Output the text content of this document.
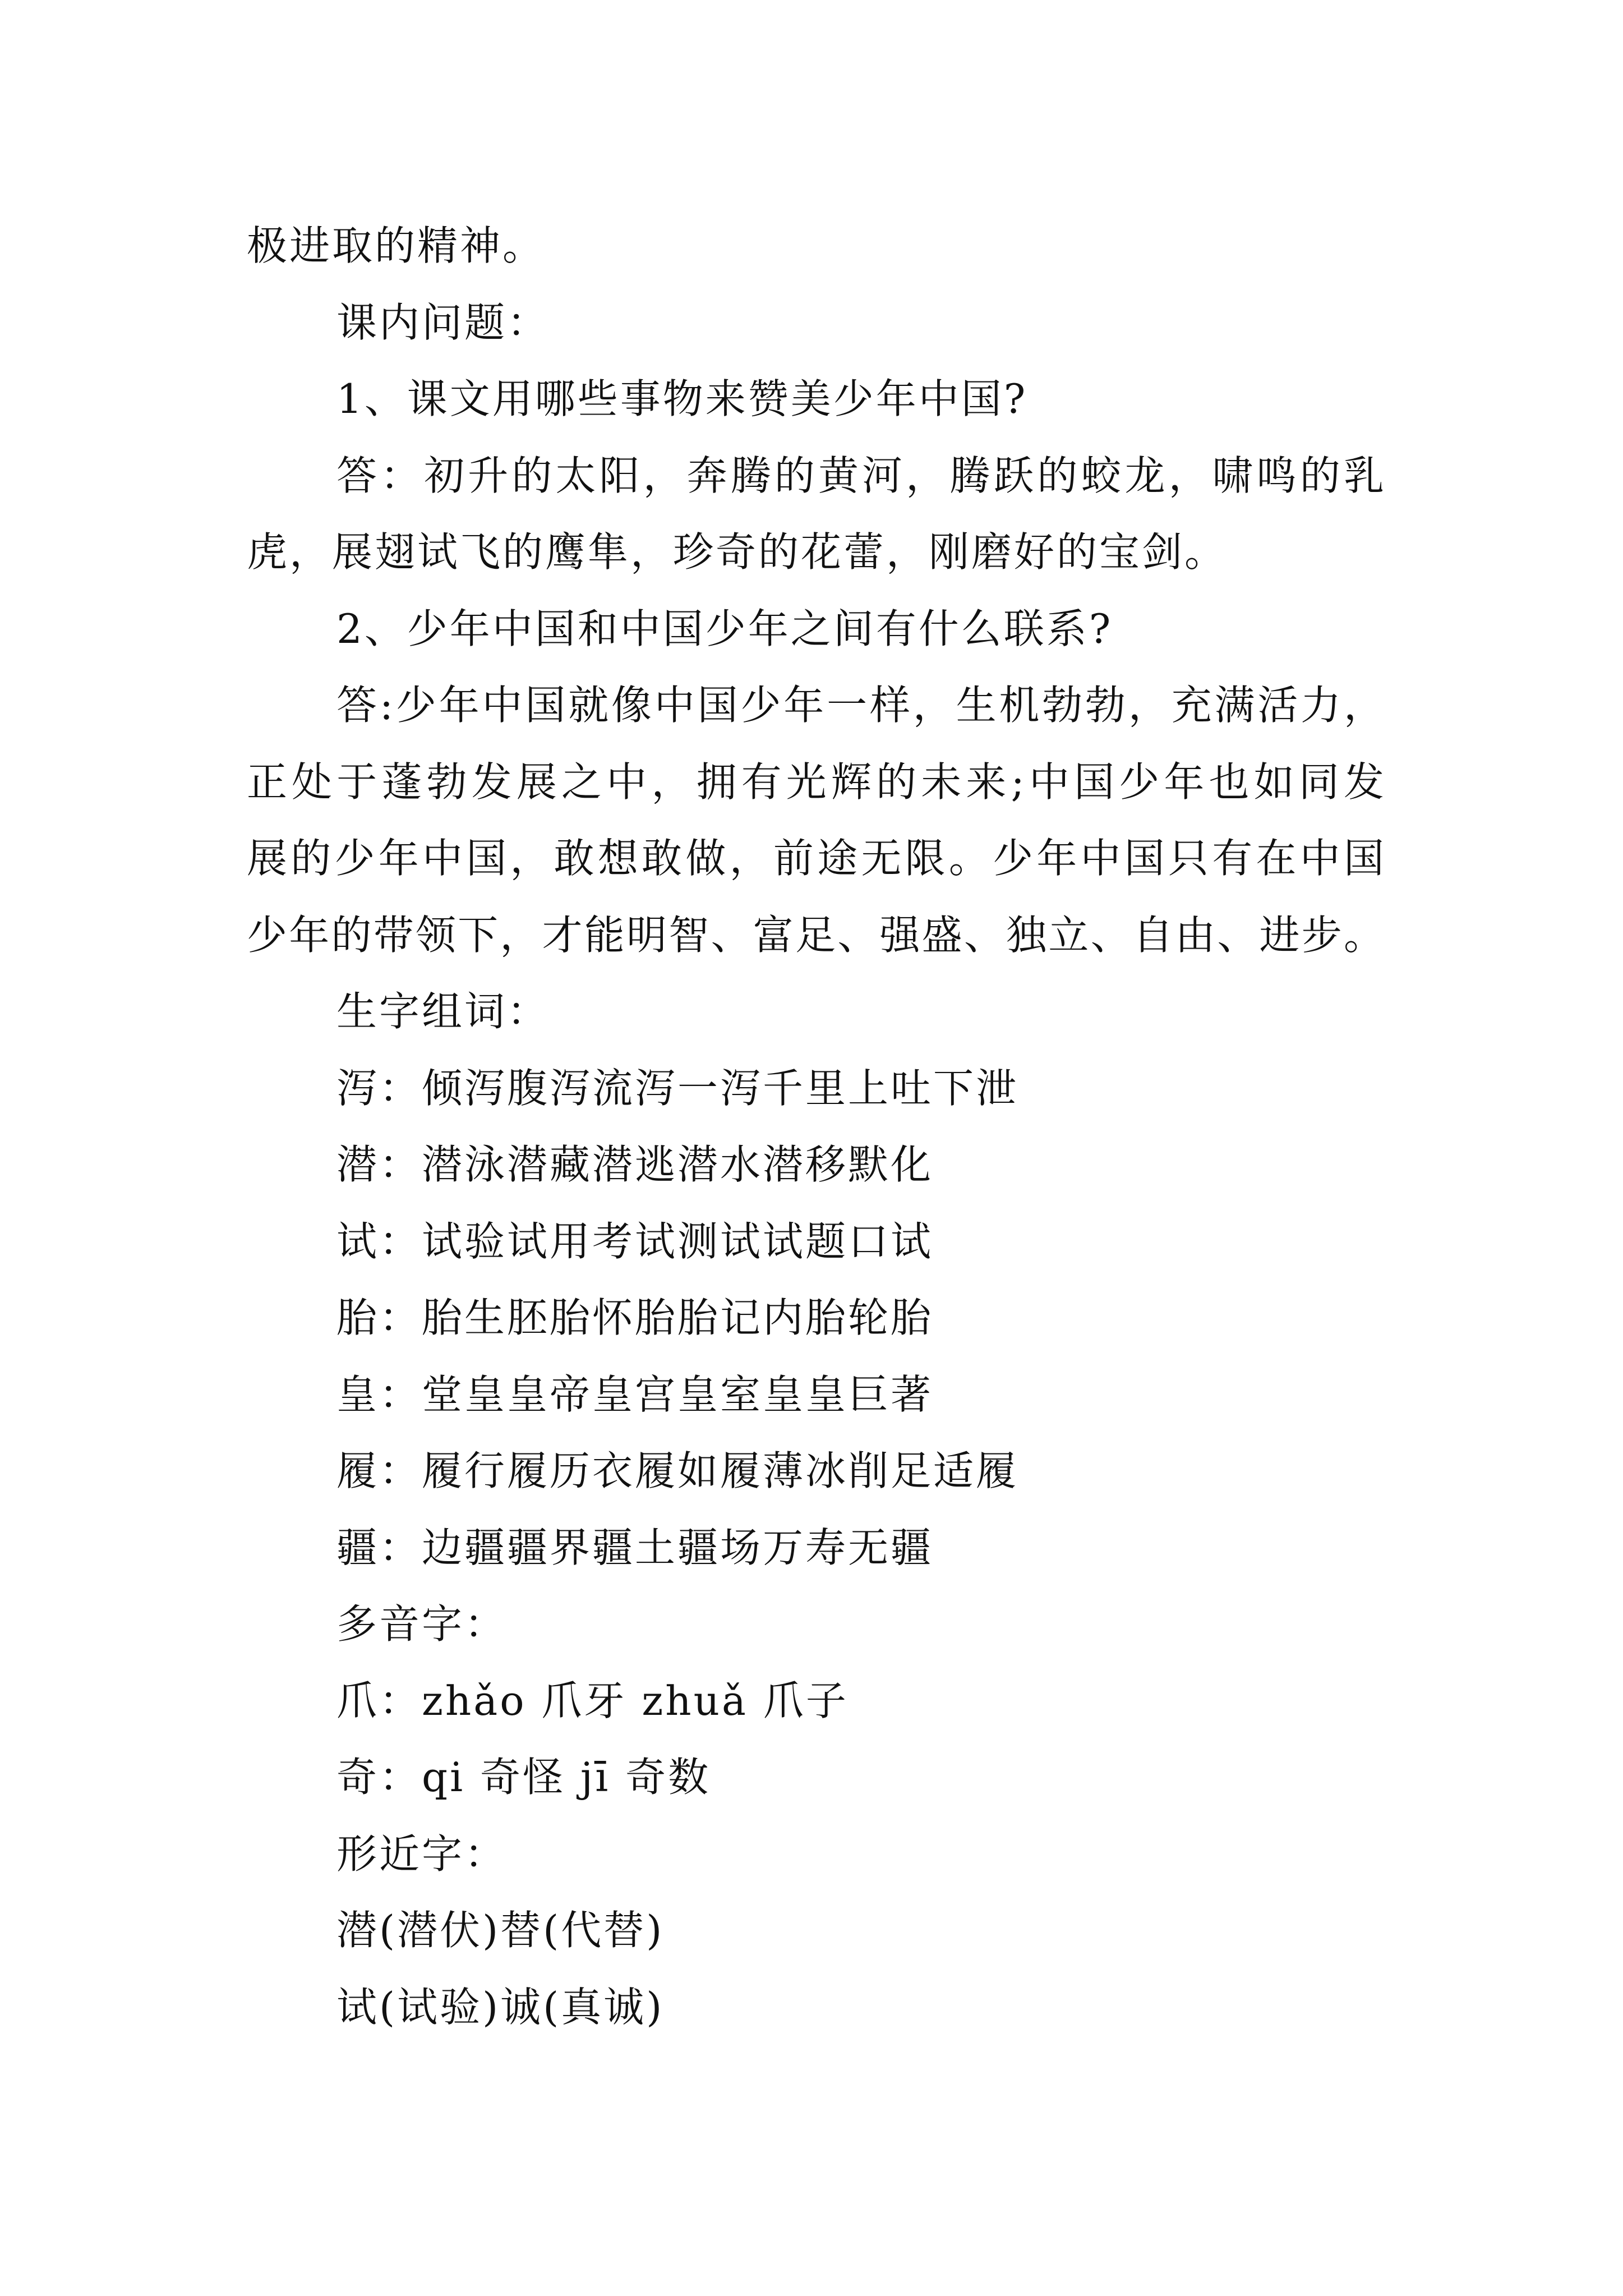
极进取的精神。
课内问题：
1、课文用哪些事物来赞美少年中国?
答：初升的太阳，奔腾的黄河，腾跃的蛟龙，啸鸣的乳
虎，展翅试飞的鹰隼，珍奇的花蕾，刚磨好的宝剑。
2、少年中国和中国少年之间有什么联系?
答:少年中国就像中国少年一样，生机勃勃，充满活力，
正处于蓬勃发展之中，拥有光辉的未来;中国少年也如同发
展的少年中国，敢想敢做，前途无限。少年中国只有在中国
少年的带领下，才能明智、富足、强盛、独立、自由、进步。
生字组词：
泻：倾泻腹泻流泻一泻千里上吐下泄
潜：潜泳潜藏潜逃潜水潜移默化
试：试验试用考试测试试题口试
胎：胎生胚胎怀胎胎记内胎轮胎
皇：堂皇皇帝皇宫皇室皇皇巨著
履：履行履历衣履如履薄冰削足适履
疆：边疆疆界疆土疆场万寿无疆
多音字：
爪：zhǎo 爪牙 zhuǎ 爪子
奇：qi 奇怪 jī 奇数
形近字：
潜(潜伏)替(代替)
试(试验)诚(真诚)
